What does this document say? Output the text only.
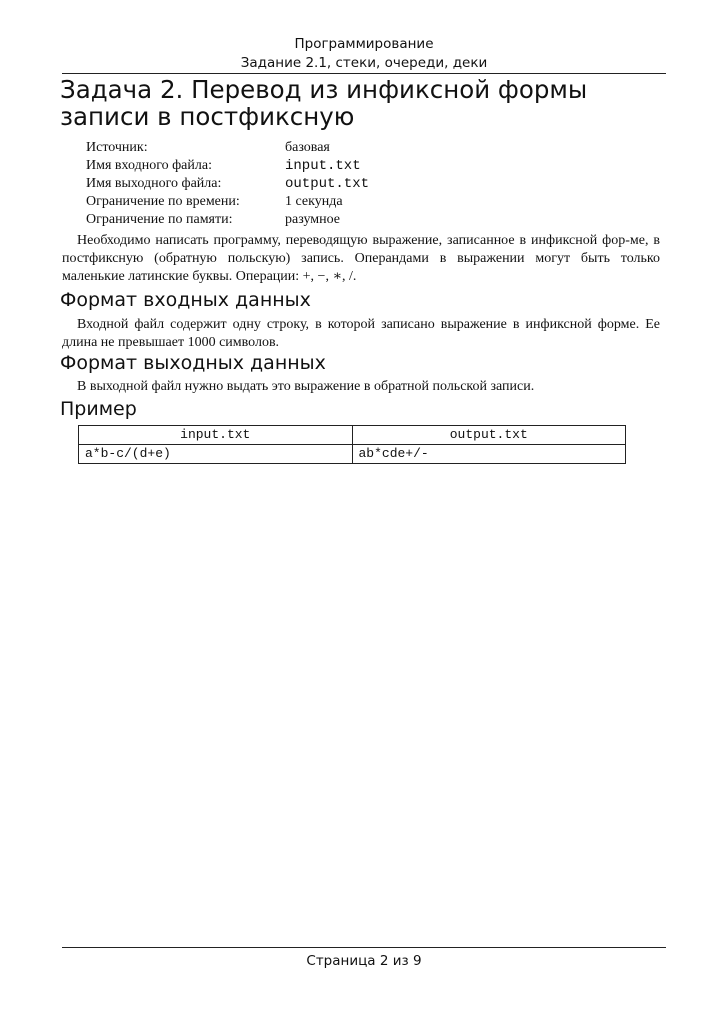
Программирование
Задание 2.1, стеки, очереди, деки
Задача 2. Перевод из инфиксной формы записи в постфиксную
Источник:	базовая
Имя входного файла:	input.txt
Имя выходного файла:	output.txt
Ограничение по времени:	1 секунда
Ограничение по памяти:	разумное
Необходимо написать программу, переводящую выражение, записанное в инфиксной фор-ме, в постфиксную (обратную польскую) запись. Операндами в выражении могут быть только маленькие латинские буквы. Операции: +, −, ∗, /.
Формат входных данных
Входной файл содержит одну строку, в которой записано выражение в инфиксной форме. Ее длина не превышает 1000 символов.
Формат выходных данных
В выходной файл нужно выдать это выражение в обратной польской записи.
Пример
input.txt	output.txt
a*b-c/(d+e)	ab*cde+/-
Страница 2 из 9
